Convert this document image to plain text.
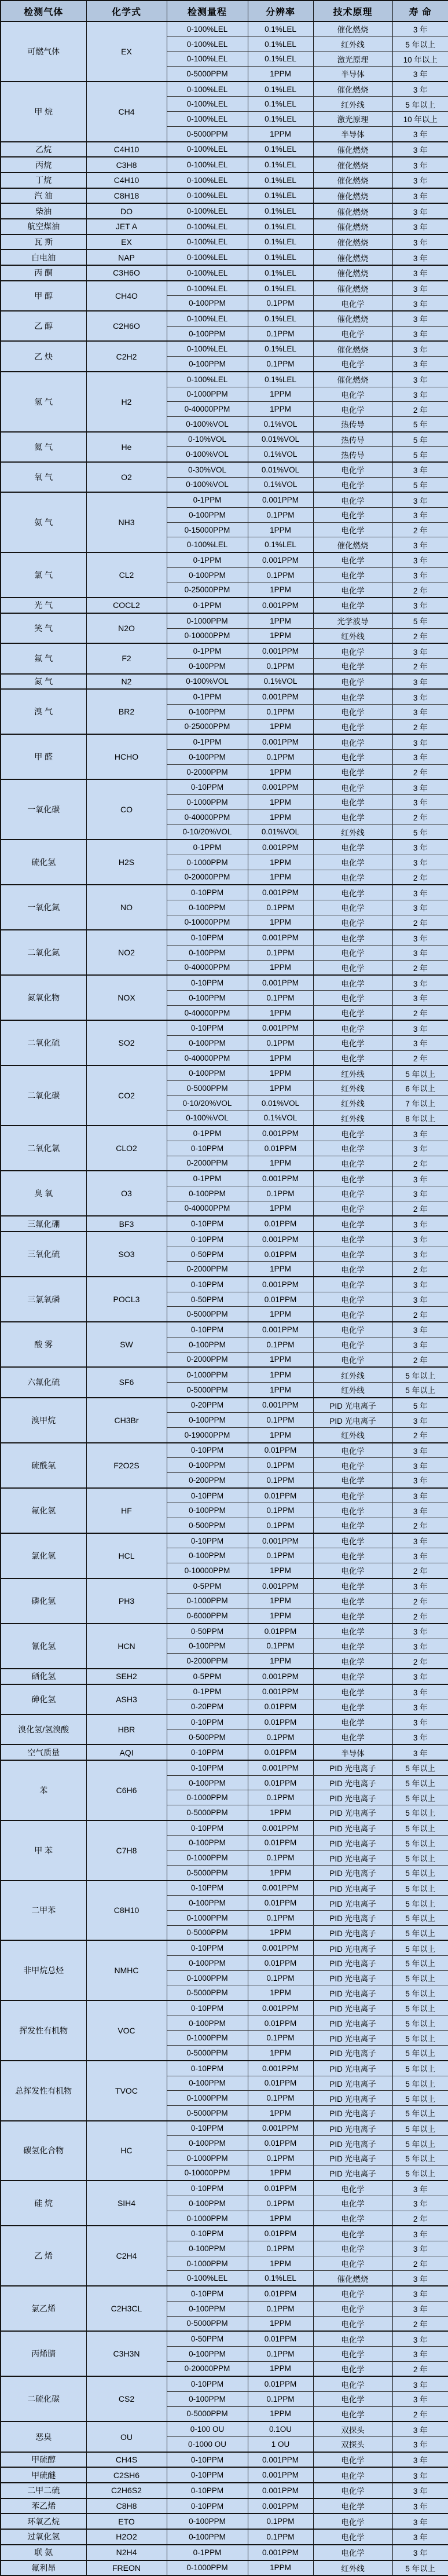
检测气体	化学式	检测量程	分辨率	技术原理	寿 命
可燃气体	EX	0-100%LEL	0.1%LEL	催化燃烧	3 年
		0-100%LEL	0.1%LEL	红外线	5 年以上
		0-100%LEL	0.1%LEL	激光原理	10 年以上
		0-5000PPM	1PPM	半导体	3 年
甲 烷	CH4	0-100%LEL	0.1%LEL	催化燃烧	3 年
		0-100%LEL	0.1%LEL	红外线	5 年以上
		0-100%LEL	0.1%LEL	激光原理	10 年以上
		0-5000PPM	1PPM	半导体	3 年
乙烷	C4H10	0-100%LEL	0.1%LEL	催化燃烧	3 年
丙烷	C3H8	0-100%LEL	0.1%LEL	催化燃烧	3 年
丁烷	C4H10	0-100%LEL	0.1%LEL	催化燃烧	3 年
汽 油	C8H18	0-100%LEL	0.1%LEL	催化燃烧	3 年
柴油	DO	0-100%LEL	0.1%LEL	催化燃烧	3 年
航空煤油	JET A	0-100%LEL	0.1%LEL	催化燃烧	3 年
瓦 斯	EX	0-100%LEL	0.1%LEL	催化燃烧	3 年
白电油	NAP	0-100%LEL	0.1%LEL	催化燃烧	3 年
丙 酮	C3H6O	0-100%LEL	0.1%LEL	催化燃烧	3 年
甲 醇	CH4O	0-100%LEL	0.1%LEL	催化燃烧	3 年
		0-100PPM	0.1PPM	电化学	3 年
乙 醇	C2H6O	0-100%LEL	0.1%LEL	催化燃烧	3 年
		0-100PPM	0.1PPM	电化学	3 年
乙 炔	C2H2	0-100%LEL	0.1%LEL	催化燃烧	3 年
		0-100PPM	0.1PPM	电化学	3 年
氢 气	H2	0-100%LEL	0.1%LEL	催化燃烧	3 年
		0-1000PPM	1PPM	电化学	3 年
		0-40000PPM	1PPM	电化学	2 年
		0-100%VOL	0.1%VOL	热传导	5 年
氦 气	He	0-10%VOL	0.01%VOL	热传导	5 年
		0-100%VOL	0.1%VOL	热传导	5 年
氧 气	O2	0-30%VOL	0.01%VOL	电化学	3 年
		0-100%VOL	0.1%VOL	电化学	5 年
氨 气	NH3	0-1PPM	0.001PPM	电化学	3 年
		0-100PPM	0.1PPM	电化学	3 年
		0-15000PPM	1PPM	电化学	2 年
		0-100%LEL	0.1%LEL	催化燃烧	3 年
氯 气	CL2	0-1PPM	0.001PPM	电化学	3 年
		0-100PPM	0.1PPM	电化学	3 年
		0-25000PPM	1PPM	电化学	2 年
光 气	COCL2	0-1PPM	0.001PPM	电化学	3 年
笑 气	N2O	0-1000PPM	1PPM	光学波导	5 年
		0-10000PPM	1PPM	红外线	2 年
氟 气	F2	0-1PPM	0.001PPM	电化学	3 年
		0-100PPM	0.1PPM	电化学	2 年
氮 气	N2	0-100%VOL	0.1%VOL	电化学	3 年
溴 气	BR2	0-1PPM	0.001PPM	电化学	3 年
		0-100PPM	0.1PPM	电化学	3 年
		0-25000PPM	1PPM	电化学	2 年
甲 醛	HCHO	0-1PPM	0.001PPM	电化学	3 年
		0-100PPM	0.1PPM	电化学	3 年
		0-2000PPM	1PPM	电化学	2 年
一氧化碳	CO	0-10PPM	0.001PPM	电化学	3 年
		0-1000PPM	1PPM	电化学	3 年
		0-40000PPM	1PPM	电化学	2 年
		0-10/20%VOL	0.01%VOL	红外线	5 年
硫化氢	H2S	0-1PPM	0.001PPM	电化学	3 年
		0-1000PPM	1PPM	电化学	3 年
		0-20000PPM	1PPM	电化学	2 年
一氧化氮	NO	0-10PPM	0.001PPM	电化学	3 年
		0-100PPM	0.1PPM	电化学	3 年
		0-10000PPM	1PPM	电化学	2 年
二氧化氮	NO2	0-10PPM	0.001PPM	电化学	3 年
		0-100PPM	0.1PPM	电化学	3 年
		0-40000PPM	1PPM	电化学	2 年
氮氧化物	NOX	0-10PPM	0.001PPM	电化学	3 年
		0-100PPM	0.1PPM	电化学	3 年
		0-40000PPM	1PPM	电化学	2 年
二氧化硫	SO2	0-10PPM	0.001PPM	电化学	3 年
		0-100PPM	0.1PPM	电化学	3 年
		0-40000PPM	1PPM	电化学	2 年
二氧化碳	CO2	0-100PPM	1PPM	红外线	5 年以上
		0-5000PPM	1PPM	红外线	6 年以上
		0-10/20%VOL	0.01%VOL	红外线	7 年以上
		0-100%VOL	0.1%VOL	红外线	8 年以上
二氧化氯	CLO2	0-1PPM	0.001PPM	电化学	3 年
		0-10PPM	0.01PPM	电化学	3 年
		0-2000PPM	1PPM	电化学	2 年
臭 氧	O3	0-1PPM	0.001PPM	电化学	3 年
		0-100PPM	0.1PPM	电化学	3 年
		0-40000PPM	1PPM	电化学	2 年
三氟化硼	BF3	0-10PPM	0.01PPM	电化学	3 年
三氧化硫	SO3	0-10PPM	0.001PPM	电化学	3 年
		0-50PPM	0.01PPM	电化学	3 年
		0-2000PPM	1PPM	电化学	2 年
三氯氧磷	POCL3	0-10PPM	0.001PPM	电化学	3 年
		0-50PPM	0.01PPM	电化学	3 年
		0-5000PPM	1PPM	电化学	2 年
酸 雾	SW	0-10PPM	0.001PPM	电化学	3 年
		0-100PPM	0.1PPM	电化学	3 年
		0-2000PPM	1PPM	电化学	2 年
六氟化硫	SF6	0-1000PPM	1PPM	红外线	5 年以上
		0-5000PPM	1PPM	红外线	5 年以上
溴甲烷	CH3Br	0-20PPM	0.001PPM	PID 光电离子	5 年
		0-100PPM	0.1PPM	PID 光电离子	3 年
		0-19000PPM	1PPM	红外线	2 年
硫酰氟	F2O2S	0-10PPM	0.01PPM	电化学	3 年
		0-100PPM	0.1PPM	电化学	3 年
		0-200PPM	0.1PPM	电化学	3 年
氟化氢	HF	0-10PPM	0.01PPM	电化学	3 年
		0-100PPM	0.1PPM	电化学	3 年
		0-500PPM	0.1PPM	电化学	2 年
氯化氢	HCL	0-10PPM	0.001PPM	电化学	3 年
		0-100PPM	0.1PPM	电化学	3 年
		0-10000PPM	1PPM	电化学	2 年
磷化氢	PH3	0-5PPM	0.001PPM	电化学	3 年
		0-1000PPM	1PPM	电化学	2 年
		0-6000PPM	1PPM	电化学	2 年
氰化氢	HCN	0-50PPM	0.01PPM	电化学	3 年
		0-100PPM	0.1PPM	电化学	3 年
		0-2000PPM	1PPM	电化学	2 年
硒化氢	SEH2	0-5PPM	0.001PPM	电化学	3 年
砷化氢	ASH3	0-1PPM	0.001PPM	电化学	3 年
		0-20PPM	0.01PPM	电化学	3 年
溴化氢/氢溴酸	HBR	0-10PPM	0.01PPM	电化学	3 年
		0-500PPM	0.1PPM	电化学	3 年
空气质量	AQI	0-10PPM	0.01PPM	半导体	3 年
苯	C6H6	0-10PPM	0.001PPM	PID 光电离子	5 年以上
		0-100PPM	0.01PPM	PID 光电离子	5 年以上
		0-1000PPM	0.1PPM	PID 光电离子	5 年以上
		0-5000PPM	1PPM	PID 光电离子	5 年以上
甲 苯	C7H8	0-10PPM	0.001PPM	PID 光电离子	5 年以上
		0-100PPM	0.01PPM	PID 光电离子	5 年以上
		0-1000PPM	0.1PPM	PID 光电离子	5 年以上
		0-5000PPM	1PPM	PID 光电离子	5 年以上
二甲苯	C8H10	0-10PPM	0.001PPM	PID 光电离子	5 年以上
		0-100PPM	0.01PPM	PID 光电离子	5 年以上
		0-1000PPM	0.1PPM	PID 光电离子	5 年以上
		0-5000PPM	1PPM	PID 光电离子	5 年以上
非甲烷总烃	NMHC	0-10PPM	0.001PPM	PID 光电离子	5 年以上
		0-100PPM	0.01PPM	PID 光电离子	5 年以上
		0-1000PPM	0.1PPM	PID 光电离子	5 年以上
		0-5000PPM	1PPM	PID 光电离子	5 年以上
挥发性有机物	VOC	0-10PPM	0.001PPM	PID 光电离子	5 年以上
		0-100PPM	0.01PPM	PID 光电离子	5 年以上
		0-1000PPM	0.1PPM	PID 光电离子	5 年以上
		0-5000PPM	1PPM	PID 光电离子	5 年以上
总挥发性有机物	TVOC	0-10PPM	0.001PPM	PID 光电离子	5 年以上
		0-100PPM	0.01PPM	PID 光电离子	5 年以上
		0-1000PPM	0.1PPM	PID 光电离子	5 年以上
		0-5000PPM	1PPM	PID 光电离子	5 年以上
碳氢化合物	HC	0-10PPM	0.001PPM	PID 光电离子	5 年以上
		0-100PPM	0.01PPM	PID 光电离子	5 年以上
		0-1000PPM	0.1PPM	PID 光电离子	5 年以上
		0-10000PPM	1PPM	PID 光电离子	5 年以上
硅 烷	SIH4	0-10PPM	0.01PPM	电化学	3 年
		0-100PPM	0.1PPM	电化学	3 年
		0-1000PPM	1PPM	电化学	2 年
乙 烯	C2H4	0-10PPM	0.01PPM	电化学	3 年
		0-100PPM	0.1PPM	电化学	3 年
		0-1000PPM	1PPM	电化学	2 年
		0-100%LEL	0.1%LEL	催化燃烧	3 年
氯乙烯	C2H3CL	0-10PPM	0.01PPM	电化学	3 年
		0-100PPM	0.1PPM	电化学	3 年
		0-5000PPM	1PPM	电化学	2 年
丙烯腈	C3H3N	0-50PPM	0.01PPM	电化学	3 年
		0-100PPM	0.1PPM	电化学	3 年
		0-20000PPM	1PPM	电化学	2 年
二硫化碳	CS2	0-10PPM	0.01PPM	电化学	3 年
		0-100PPM	0.1PPM	电化学	3 年
		0-5000PPM	1PPM	电化学	2 年
恶臭	OU	0-100 OU	0.1OU	双探头	3 年
		0-1000 OU	1 OU	双探头	3 年
甲硫醇	CH4S	0-10PPM	0.001PPM	电化学	3 年
甲硫醚	C2SH6	0-10PPM	0.001PPM	电化学	3 年
二甲二硫	C2H6S2	0-10PPM	0.001PPM	电化学	3 年
苯乙烯	C8H8	0-10PPM	0.001PPM	电化学	3 年
环氧乙烷	ETO	0-100PPM	0.1PPM	电化学	3 年
过氧化氢	H2O2	0-100PPM	0.1PPM	电化学	3 年
联 氨	N2H4	0-1PPM	0.001PPM	电化学	3 年
氟利昂	FREON	0-1000PPM	1PPM	红外线	5 年以上
